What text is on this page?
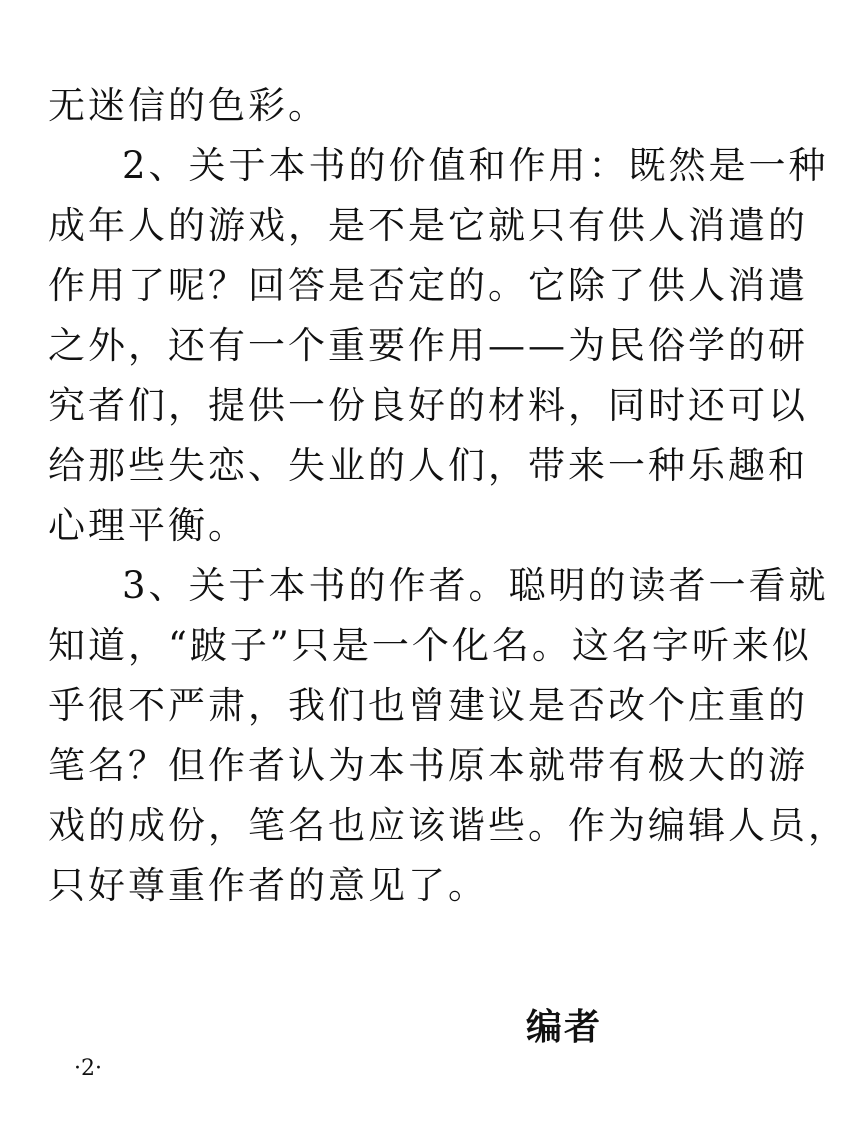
无迷信的色彩。
2、关于本书的价值和作用：既然是一种
成年人的游戏，是不是它就只有供人消遣的
作用了呢？回答是否定的。它除了供人消遣
之外，还有一个重要作用——为民俗学的研
究者们，提供一份良好的材料，同时还可以
给那些失恋、失业的人们，带来一种乐趣和
心理平衡。
3、关于本书的作者。聪明的读者一看就
知道，“跛子”只是一个化名。这名字听来似
乎很不严肃，我们也曾建议是否改个庄重的
笔名？但作者认为本书原本就带有极大的游
戏的成份，笔名也应该谐些。作为编辑人员，
只好尊重作者的意见了。
编者
·2·
